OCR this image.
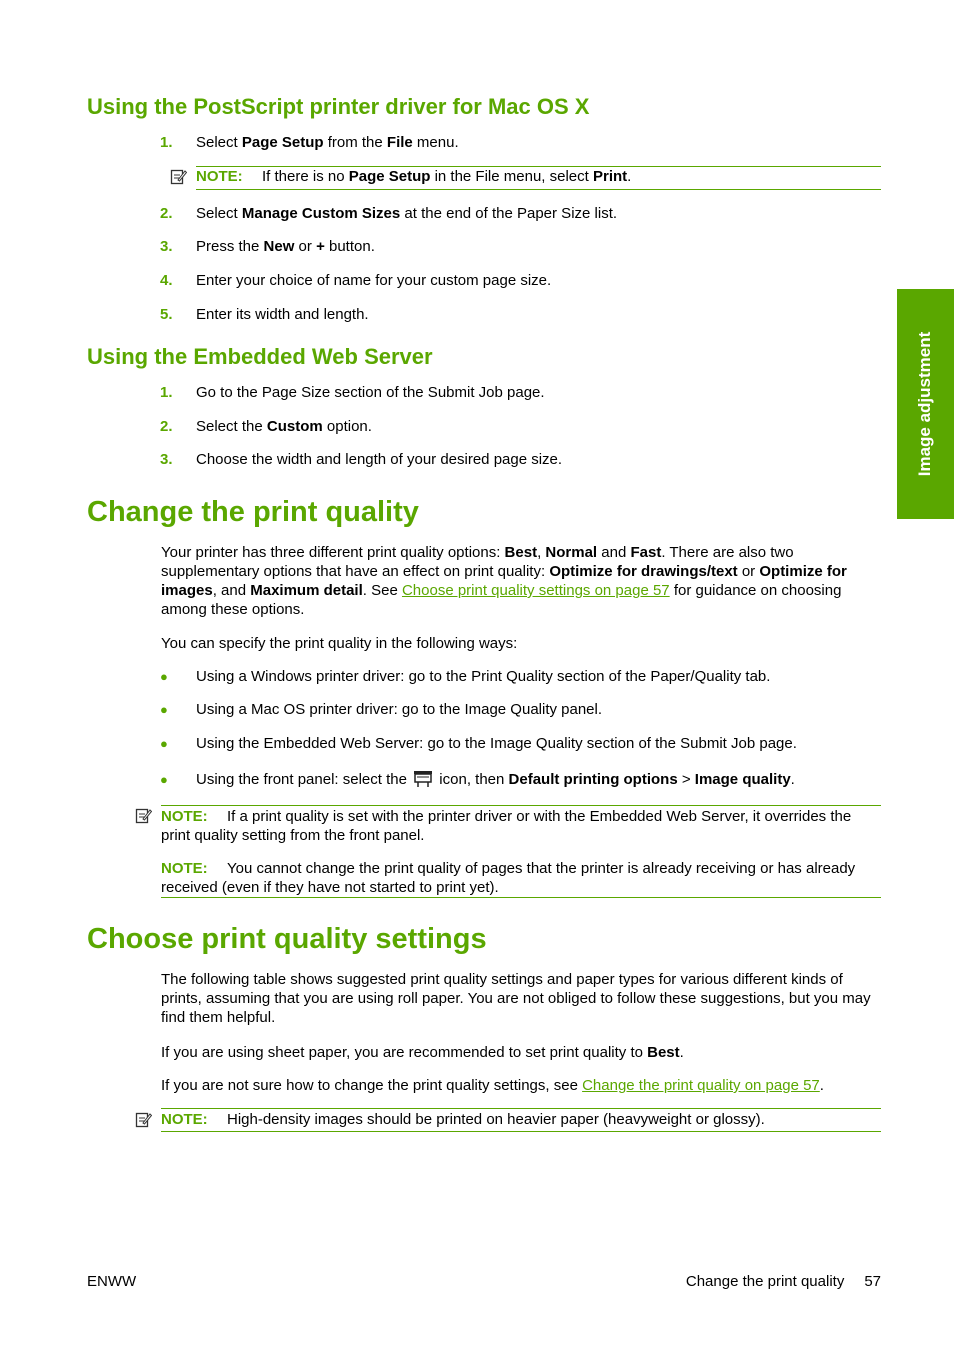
Image adjustment
Using the PostScript printer driver for Mac OS X
1. Select Page Setup from the File menu.
NOTE: If there is no Page Setup in the File menu, select Print.
2. Select Manage Custom Sizes at the end of the Paper Size list.
3. Press the New or + button.
4. Enter your choice of name for your custom page size.
5. Enter its width and length.
Using the Embedded Web Server
1. Go to the Page Size section of the Submit Job page.
2. Select the Custom option.
3. Choose the width and length of your desired page size.
Change the print quality

Your printer has three different print quality options: Best, Normal and Fast. There are also two supplementary options that have an effect on print quality: Optimize for drawings/text or Optimize for images, and Maximum detail. See Choose print quality settings on page 57 for guidance on choosing among these options.

You can specify the print quality in the following ways:

● Using a Windows printer driver: go to the Print Quality section of the Paper/Quality tab.
● Using a Mac OS printer driver: go to the Image Quality panel.
● Using the Embedded Web Server: go to the Image Quality section of the Submit Job page.
● Using the front panel: select the  icon, then Default printing options > Image quality.

NOTE: If a print quality is set with the printer driver or with the Embedded Web Server, it overrides the print quality setting from the front panel.

NOTE: You cannot change the print quality of pages that the printer is already receiving or has already received (even if they have not started to print yet).

Choose print quality settings

The following table shows suggested print quality settings and paper types for various different kinds of prints, assuming that you are using roll paper. You are not obliged to follow these suggestions, but you may find them helpful.

If you are using sheet paper, you are recommended to set print quality to Best.

If you are not sure how to change the print quality settings, see Change the print quality on page 57.

NOTE: High-density images should be printed on heavier paper (heavyweight or glossy).

ENWW	Change the print quality 57
